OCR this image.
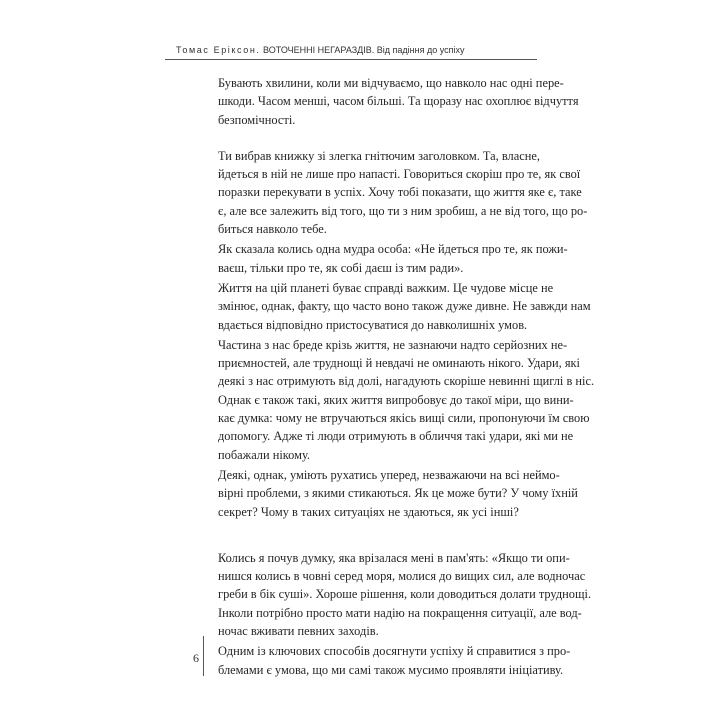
Томас Еріксон. ВОТОЧЕННІ НЕГАРАЗДІВ. Від падіння до успіху

Бувають хвилини, коли ми відчуваємо, що навколо нас одні пере-
шкоди. Часом менші, часом більші. Та щоразу нас охоплює відчуття
безпомічності.

Ти вибрав книжку зі злегка гнітючим заголовком. Та, власне,
йдеться в ній не лише про напасті. Говориться скоріш про те, як свої
поразки перекувати в успіх. Хочу тобі показати, що життя яке є, таке
є, але все залежить від того, що ти з ним зробиш, а не від того, що ро-
биться навколо тебе.

Як сказала колись одна мудра особа: «Не йдеться про те, як пожи-
ваєш, тільки про те, як собі даєш із тим ради».

Життя на цій планеті буває справді важким. Це чудове місце не
змінює, однак, факту, що часто воно також дуже дивне. Не завжди нам
вдається відповідно пристосуватися до навколишніх умов.

Частина з нас бреде крізь життя, не зазнаючи надто серйозних не-
приємностей, але труднощі й невдачі не оминають нікого. Удари, які
деякі з нас отримують від долі, нагадують скоріше невинні щиглі в ніс.
Однак є також такі, яких життя випробовує до такої міри, що вини-
кає думка: чому не втручаються якісь вищі сили, пропонуючи їм свою
допомогу. Адже ті люди отримують в обличчя такі удари, які ми не
побажали нікому.

Деякі, однак, уміють рухатись уперед, незважаючи на всі неймо-
вірні проблеми, з якими стикаються. Як це може бути? У чому їхній
секрет? Чому в таких ситуаціях не здаються, як усі інші?

Колись я почув думку, яка врізалася мені в пам'ять: «Якщо ти опи-
нишся колись в човні серед моря, молися до вищих сил, але водночас
греби в бік суші». Хороше рішення, коли доводиться долати труднощі.
Інколи потрібно просто мати надію на покращення ситуації, але вод-
ночас вживати певних заходів.

Одним із ключових способів досягнути успіху й справитися з про-
блемами є умова, що ми самі також мусимо проявляти ініціативу.

6
